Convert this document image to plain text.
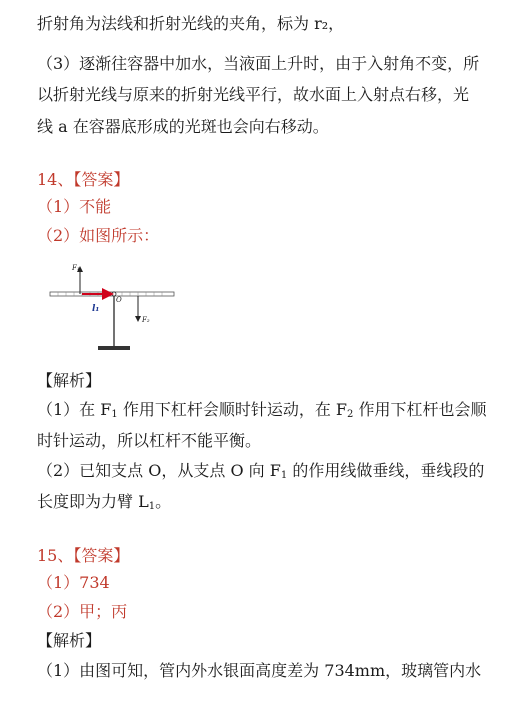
折射角为法线和折射光线的夹角，标为 r₂，
（3）逐渐往容器中加水，当液面上升时，由于入射角不变，所
以折射光线与原来的折射光线平行，故水面上入射点右移，光
线 a 在容器底形成的光斑也会向右移动。
14、【答案】
（1）不能
（2）如图所示：
F₁
O
F₂
l₁
【解析】
（1）在 $F_1$ 作用下杠杆会顺时针运动，在 $F_2$ 作用下杠杆也会顺
时针运动，所以杠杆不能平衡。
（2）已知支点 O，从支点 O 向 $F_1$ 的作用线做垂线，垂线段的
长度即为力臂 $L_1$。
15、【答案】
（1）734
（2）甲；丙
【解析】
（1）由图可知，管内外水银面高度差为 734mm，玻璃管内水
